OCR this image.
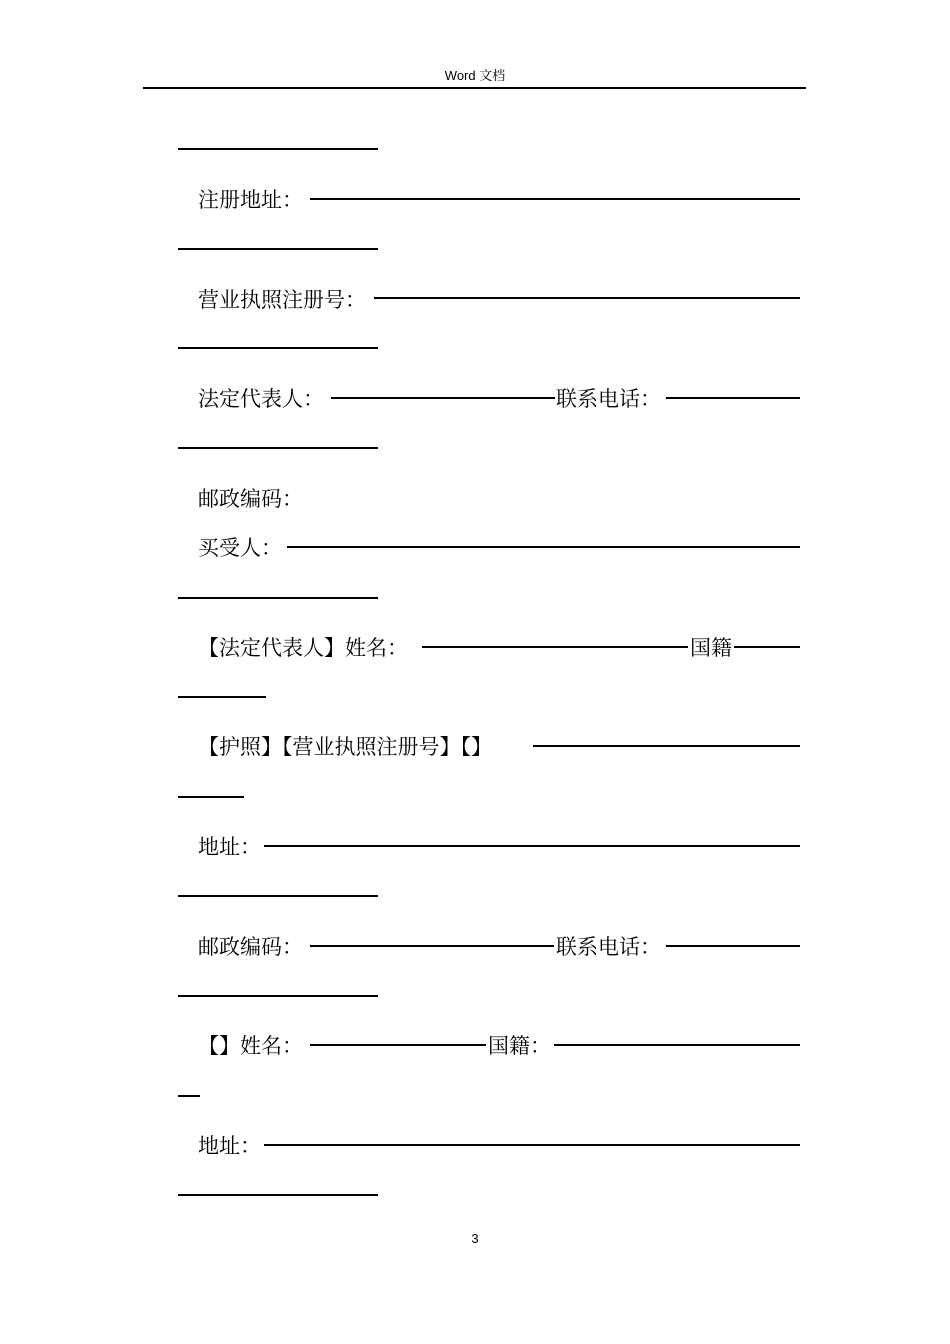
Word 文档
注册地址：
营业执照注册号：
法定代表人：	联系电话：
邮政编码：
买受人：
【法定代表人】姓名：	国籍
【护照】【营业执照注册号】【】
地址：
邮政编码：	联系电话：
【】姓名：	国籍：
地址：
3
